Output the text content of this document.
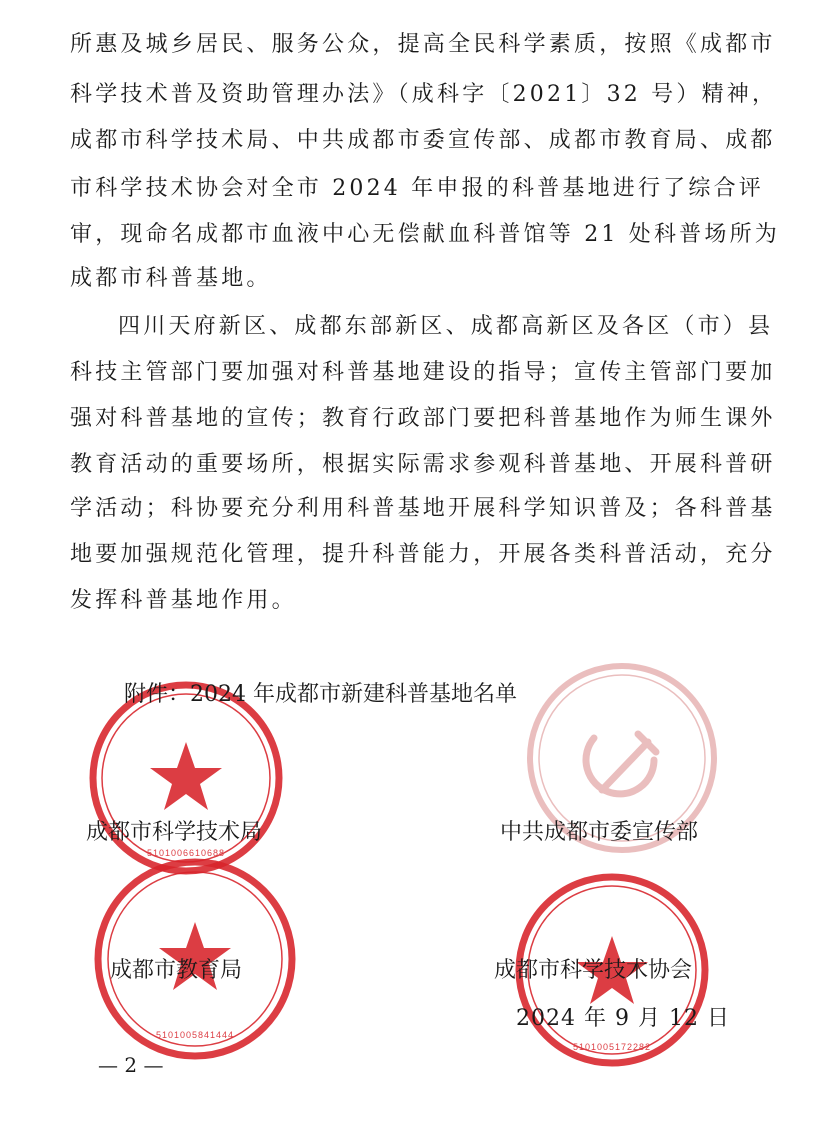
5101006610688
5101005841444
5101005172282
所惠及城乡居民、服务公众，提高全民科学素质，按照《成都市
科学技术普及资助管理办法》（成科字〔2021〕32 号）精神，
成都市科学技术局、中共成都市委宣传部、成都市教育局、成都
市科学技术协会对全市 2024 年申报的科普基地进行了综合评
审，现命名成都市血液中心无偿献血科普馆等 21 处科普场所为
成都市科普基地。
四川天府新区、成都东部新区、成都高新区及各区（市）县
科技主管部门要加强对科普基地建设的指导；宣传主管部门要加
强对科普基地的宣传；教育行政部门要把科普基地作为师生课外
教育活动的重要场所，根据实际需求参观科普基地、开展科普研
学活动；科协要充分利用科普基地开展科学知识普及；各科普基
地要加强规范化管理，提升科普能力，开展各类科普活动，充分
发挥科普基地作用。
附件：2024 年成都市新建科普基地名单
成都市科学技术局	中共成都市委宣传部
成都市教育局	成都市科学技术协会
2024 年 9 月 12 日
— 2 —
